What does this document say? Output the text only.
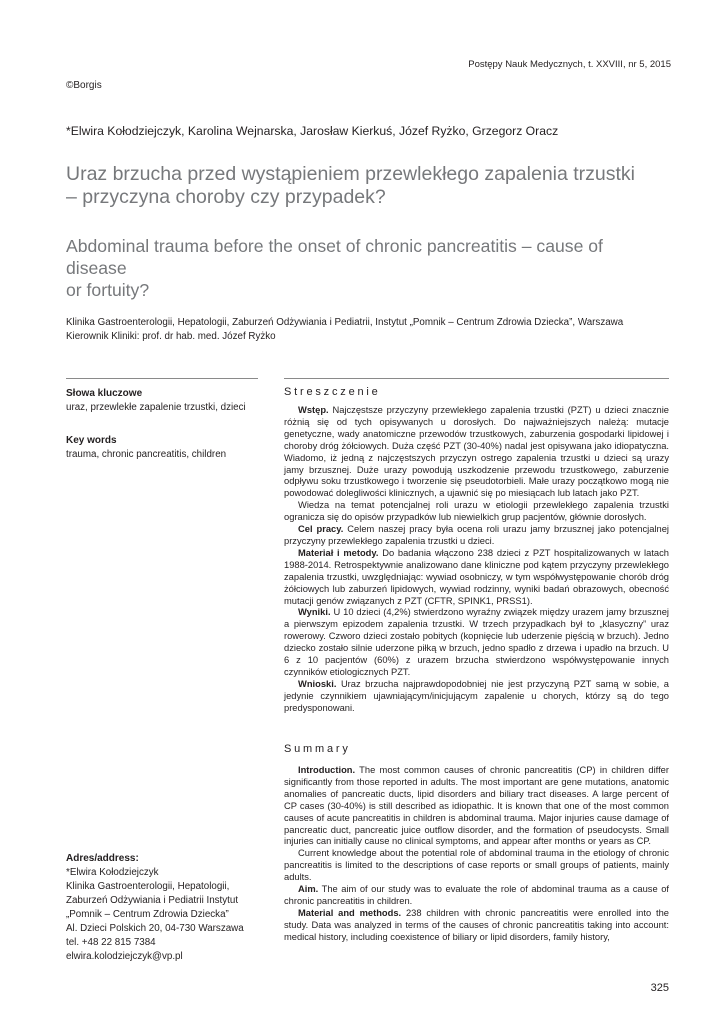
Postępy Nauk Medycznych, t. XXVIII, nr 5, 2015
©Borgis
*Elwira Kołodziejczyk, Karolina Wejnarska, Jarosław Kierkuś, Józef Ryżko, Grzegorz Oracz
Uraz brzucha przed wystąpieniem przewlekłego zapalenia trzustki
– przyczyna choroby czy przypadek?
Abdominal trauma before the onset of chronic pancreatitis – cause of disease
or fortuity?
Klinika Gastroenterologii, Hepatologii, Zaburzeń Odżywiania i Pediatrii, Instytut „Pomnik – Centrum Zdrowia Dziecka”, Warszawa
Kierownik Kliniki: prof. dr hab. med. Józef Ryżko

Słowa kluczowe

uraz, przewlekłe zapalenie trzustki, dzieci

Key words

trauma, chronic pancreatitis, children

Adres/address:

*Elwira Kołodziejczyk
Klinika Gastroenterologii, Hepatologii,
Zaburzeń Odżywiania i Pediatrii Instytut
„Pomnik – Centrum Zdrowia Dziecka”
Al. Dzieci Polskich 20, 04-730 Warszawa
tel. +48 22 815 7384
elwira.kolodziejczyk@vp.pl
Streszczenie

Wstęp. Najczęstsze przyczyny przewlekłego zapalenia trzustki (PZT) u dzieci znacznie różnią się od tych opisywanych u dorosłych. Do najważniejszych należą: mutacje genetyczne, wady anatomiczne przewodów trzustkowych, zaburzenia gospodarki lipidowej i choroby dróg żółciowych. Duża część PZT (30-40%) nadal jest opisywana jako idiopatyczna. Wiadomo, iż jedną z najczęstszych przyczyn ostrego zapalenia trzustki u dzieci są urazy jamy brzusznej. Duże urazy powodują uszkodzenie przewodu trzustkowego, zaburzenie odpływu soku trzustkowego i tworzenie się pseudotorbieli. Małe urazy początkowo mogą nie powodować dolegliwości klinicznych, a ujawnić się po miesiącach lub latach jako PZT.

Wiedza na temat potencjalnej roli urazu w etiologii przewlekłego zapalenia trzustki ogranicza się do opisów przypadków lub niewielkich grup pacjentów, głównie dorosłych.

Cel pracy. Celem naszej pracy była ocena roli urazu jamy brzusznej jako potencjalnej przyczyny przewlekłego zapalenia trzustki u dzieci.

Materiał i metody. Do badania włączono 238 dzieci z PZT hospitalizowanych w latach 1988-2014. Retrospektywnie analizowano dane kliniczne pod kątem przyczyny przewlekłego zapalenia trzustki, uwzględniając: wywiad osobniczy, w tym współwystępowanie chorób dróg żółciowych lub zaburzeń lipidowych, wywiad rodzinny, wyniki badań obrazowych, obecność mutacji genów związanych z PZT (CFTR, SPINK1, PRSS1).

Wyniki. U 10 dzieci (4,2%) stwierdzono wyraźny związek między urazem jamy brzusznej a pierwszym epizodem zapalenia trzustki. W trzech przypadkach był to „klasyczny” uraz rowerowy. Czworo dzieci zostało pobitych (kopnięcie lub uderzenie pięścią w brzuch). Jedno dziecko zostało silnie uderzone piłką w brzuch, jedno spadło z drzewa i upadło na brzuch. U 6 z 10 pacjentów (60%) z urazem brzucha stwierdzono współwystępowanie innych czynników etiologicznych PZT.

Wnioski. Uraz brzucha najprawdopodobniej nie jest przyczyną PZT samą w sobie, a jedynie czynnikiem ujawniającym/inicjującym zapalenie u chorych, którzy są do tego predysponowani.

Summary

Introduction. The most common causes of chronic pancreatitis (CP) in children differ significantly from those reported in adults. The most important are gene mutations, anatomic anomalies of pancreatic ducts, lipid disorders and biliary tract diseases. A large percent of CP cases (30-40%) is still described as idiopathic. It is known that one of the most common causes of acute pancreatitis in children is abdominal trauma. Major injuries cause damage of pancreatic duct, pancreatic juice outflow disorder, and the formation of pseudocysts. Small injuries can initially cause no clinical symptoms, and appear after months or years as CP.

Current knowledge about the potential role of abdominal trauma in the etiology of chronic pancreatitis is limited to the descriptions of case reports or small groups of patients, mainly adults.

Aim. The aim of our study was to evaluate the role of abdominal trauma as a cause of chronic pancreatitis in children.

Material and methods. 238 children with chronic pancreatitis were enrolled into the study. Data was analyzed in terms of the causes of chronic pancreatitis taking into account: medical history, including coexistence of biliary or lipid disorders, family history,

325
